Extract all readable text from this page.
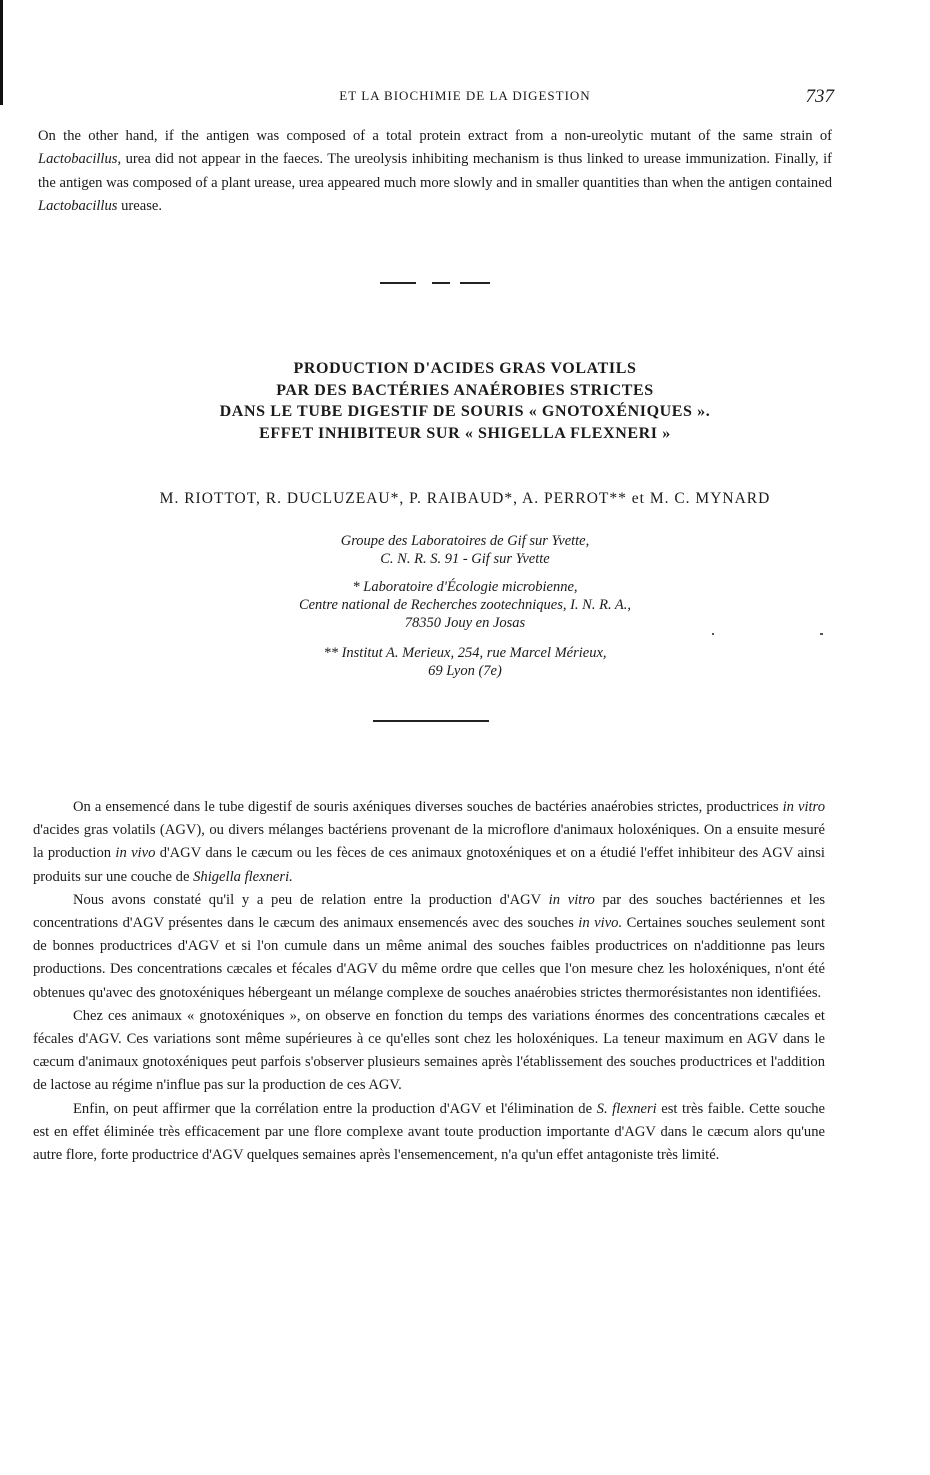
ET LA BIOCHIMIE DE LA DIGESTION	737
On the other hand, if the antigen was composed of a total protein extract from a non-ureolytic mutant of the same strain of Lactobacillus, urea did not appear in the faeces. The ureolysis inhibiting mechanism is thus linked to urease immunization. Finally, if the antigen was composed of a plant urease, urea appeared much more slowly and in smaller quantities than when the antigen contained Lactobacillus urease.
PRODUCTION D'ACIDES GRAS VOLATILS
PAR DES BACTÉRIES ANAÉROBIES STRICTES
DANS LE TUBE DIGESTIF DE SOURIS « GNOTOXÉNIQUES ».
EFFET INHIBITEUR SUR « SHIGELLA FLEXNERI »
M. RIOTTOT, R. DUCLUZEAU*, P. RAIBAUD*, A. PERROT** et M. C. MYNARD
Groupe des Laboratoires de Gif sur Yvette,
C. N. R. S. 91 - Gif sur Yvette
* Laboratoire d'Écologie microbienne,
Centre national de Recherches zootechniques, I. N. R. A.,
78350 Jouy en Josas
** Institut A. Merieux, 254, rue Marcel Mérieux,
69 Lyon (7e)

On a ensemencé dans le tube digestif de souris axéniques diverses souches de bactéries anaérobies strictes, productrices in vitro d'acides gras volatils (AGV), ou divers mélanges bactériens provenant de la microflore d'animaux holoxéniques. On a ensuite mesuré la production in vivo d'AGV dans le cæcum ou les fèces de ces animaux gnotoxéniques et on a étudié l'effet inhibiteur des AGV ainsi produits sur une couche de Shigella flexneri.

Nous avons constaté qu'il y a peu de relation entre la production d'AGV in vitro par des souches bactériennes et les concentrations d'AGV présentes dans le cæcum des animaux ensemencés avec des souches in vivo. Certaines souches seulement sont de bonnes productrices d'AGV et si l'on cumule dans un même animal des souches faibles productrices on n'additionne pas leurs productions. Des concentrations cæcales et fécales d'AGV du même ordre que celles que l'on mesure chez les holoxéniques, n'ont été obtenues qu'avec des gnotoxéniques hébergeant un mélange complexe de souches anaérobies strictes thermorésistantes non identifiées.

Chez ces animaux « gnotoxéniques », on observe en fonction du temps des variations énormes des concentrations cæcales et fécales d'AGV. Ces variations sont même supérieures à ce qu'elles sont chez les holoxéniques. La teneur maximum en AGV dans le cæcum d'animaux gnotoxéniques peut parfois s'observer plusieurs semaines après l'établissement des souches productrices et l'addition de lactose au régime n'influe pas sur la production de ces AGV.

Enfin, on peut affirmer que la corrélation entre la production d'AGV et l'élimination de S. flexneri est très faible. Cette souche est en effet éliminée très efficacement par une flore complexe avant toute production importante d'AGV dans le cæcum alors qu'une autre flore, forte productrice d'AGV quelques semaines après l'ensemencement, n'a qu'un effet antagoniste très limité.
